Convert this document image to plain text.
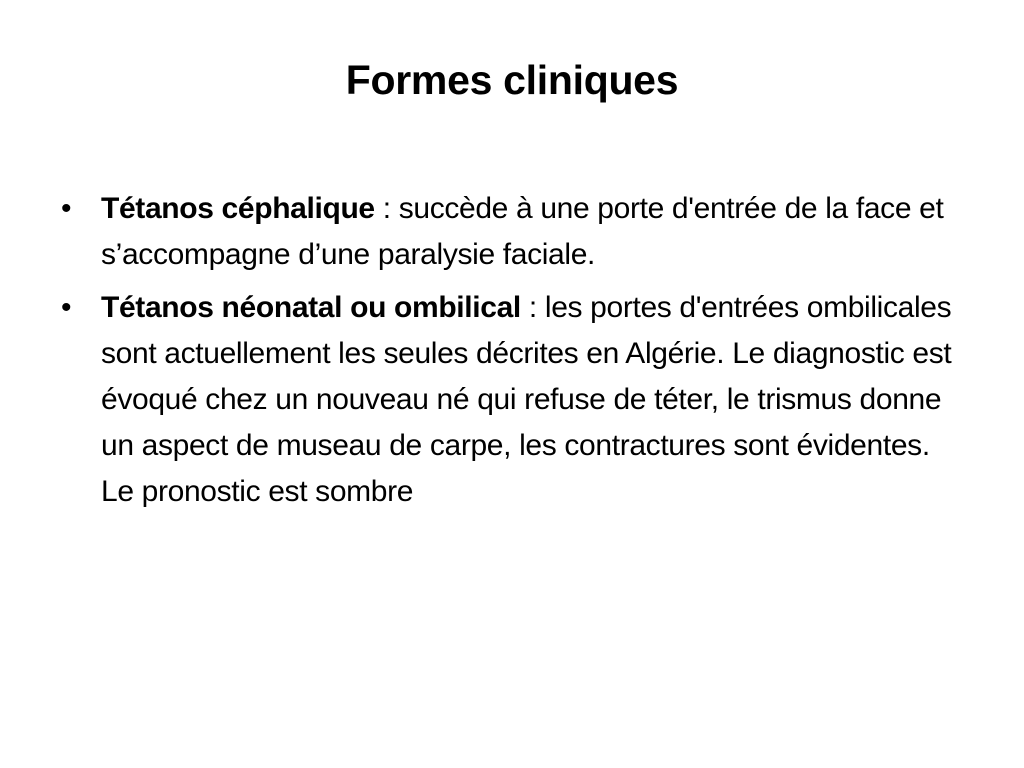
Formes cliniques
• Tétanos céphalique : succède à une porte d'entrée de la face et s’accompagne d’une paralysie faciale.
• Tétanos néonatal ou ombilical : les portes d'entrées ombilicales sont actuellement les seules décrites en Algérie. Le diagnostic est évoqué chez un nouveau né qui refuse de téter, le trismus donne un aspect de museau de carpe, les contractures sont évidentes. Le pronostic est sombre
